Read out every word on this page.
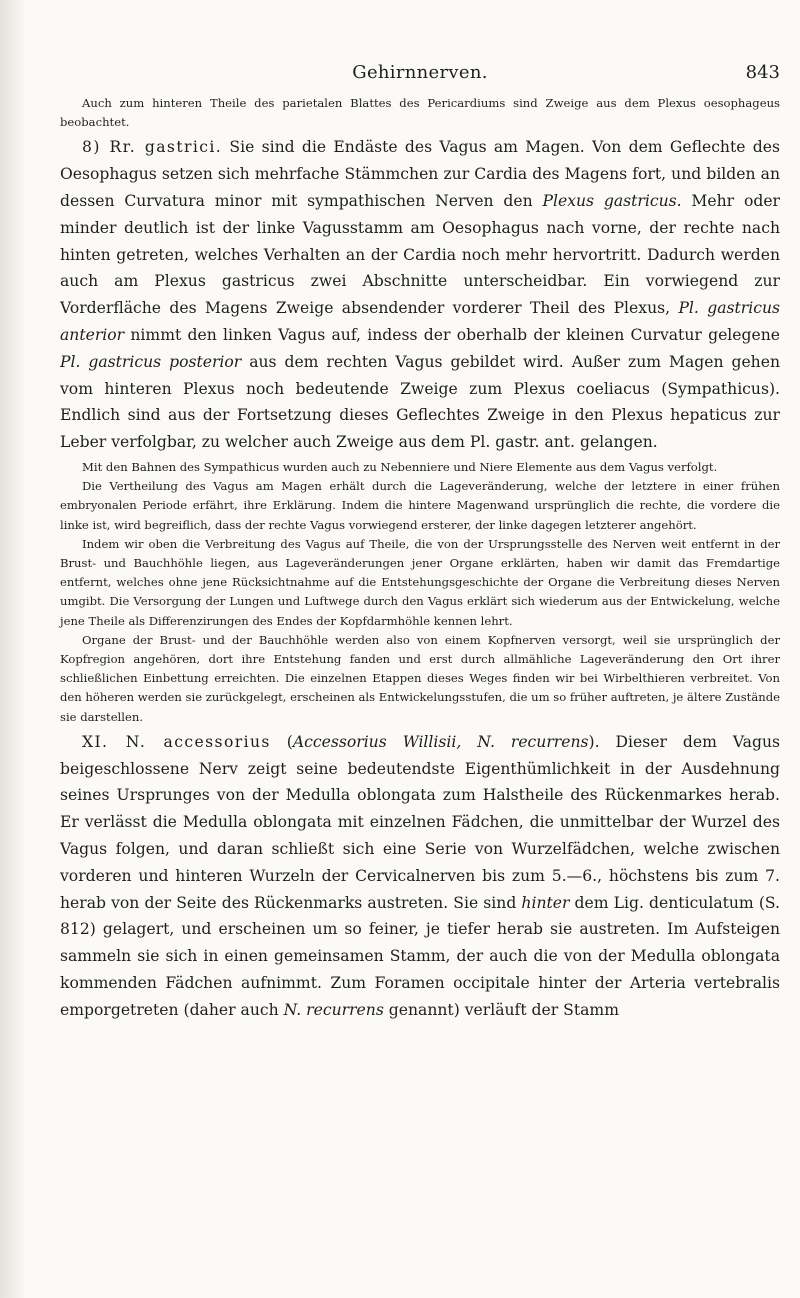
Gehirnnerven.	843

Auch zum hinteren Theile des parietalen Blattes des Pericardiums sind Zweige aus dem Plexus oesophageus beobachtet.

8) Rr. gastrici. Sie sind die Endäste des Vagus am Magen. Von dem Geflechte des Oesophagus setzen sich mehrfache Stämmchen zur Cardia des Magens fort, und bilden an dessen Curvatura minor mit sympathischen Nerven den Plexus gastricus. Mehr oder minder deutlich ist der linke Vagusstamm am Oesophagus nach vorne, der rechte nach hinten getreten, welches Verhalten an der Cardia noch mehr hervortritt. Dadurch werden auch am Plexus gastricus zwei Abschnitte unterscheidbar. Ein vorwiegend zur Vorderfläche des Magens Zweige absendender vorderer Theil des Plexus, Pl. gastricus anterior nimmt den linken Vagus auf, indess der oberhalb der kleinen Curvatur gelegene Pl. gastricus posterior aus dem rechten Vagus gebildet wird. Außer zum Magen gehen vom hinteren Plexus noch bedeutende Zweige zum Plexus coeliacus (Sympathicus). Endlich sind aus der Fortsetzung dieses Geflechtes Zweige in den Plexus hepaticus zur Leber verfolgbar, zu welcher auch Zweige aus dem Pl. gastr. ant. gelangen.

Mit den Bahnen des Sympathicus wurden auch zu Nebenniere und Niere Elemente aus dem Vagus verfolgt.

Die Vertheilung des Vagus am Magen erhält durch die Lageveränderung, welche der letztere in einer frühen embryonalen Periode erfährt, ihre Erklärung. Indem die hintere Magenwand ursprünglich die rechte, die vordere die linke ist, wird begreiflich, dass der rechte Vagus vorwiegend ersterer, der linke dagegen letzterer angehört.

Indem wir oben die Verbreitung des Vagus auf Theile, die von der Ursprungsstelle des Nerven weit entfernt in der Brust- und Bauchhöhle liegen, aus Lageveränderungen jener Organe erklärten, haben wir damit das Fremdartige entfernt, welches ohne jene Rücksichtnahme auf die Entstehungsgeschichte der Organe die Verbreitung dieses Nerven umgibt. Die Versorgung der Lungen und Luftwege durch den Vagus erklärt sich wiederum aus der Entwickelung, welche jene Theile als Differenzirungen des Endes der Kopfdarmhöhle kennen lehrt.

Organe der Brust- und der Bauchhöhle werden also von einem Kopfnerven versorgt, weil sie ursprünglich der Kopfregion angehören, dort ihre Entstehung fanden und erst durch allmähliche Lageveränderung den Ort ihrer schließlichen Einbettung erreichten. Die einzelnen Etappen dieses Weges finden wir bei Wirbelthieren verbreitet. Von den höheren werden sie zurückgelegt, erscheinen als Entwickelungsstufen, die um so früher auftreten, je ältere Zustände sie darstellen.

XI. N. accessorius (Accessorius Willisii, N. recurrens). Dieser dem Vagus beigeschlossene Nerv zeigt seine bedeutendste Eigenthümlichkeit in der Ausdehnung seines Ursprunges von der Medulla oblongata zum Halstheile des Rückenmarkes herab. Er verlässt die Medulla oblongata mit einzelnen Fädchen, die unmittelbar der Wurzel des Vagus folgen, und daran schließt sich eine Serie von Wurzelfädchen, welche zwischen vorderen und hinteren Wurzeln der Cervicalnerven bis zum 5.—6., höchstens bis zum 7. herab von der Seite des Rückenmarks austreten. Sie sind hinter dem Lig. denticulatum (S. 812) gelagert, und erscheinen um so feiner, je tiefer herab sie austreten. Im Aufsteigen sammeln sie sich in einen gemeinsamen Stamm, der auch die von der Medulla oblongata kommenden Fädchen aufnimmt. Zum Foramen occipitale hinter der Arteria vertebralis emporgetreten (daher auch N. recurrens genannt) verläuft der Stamm
